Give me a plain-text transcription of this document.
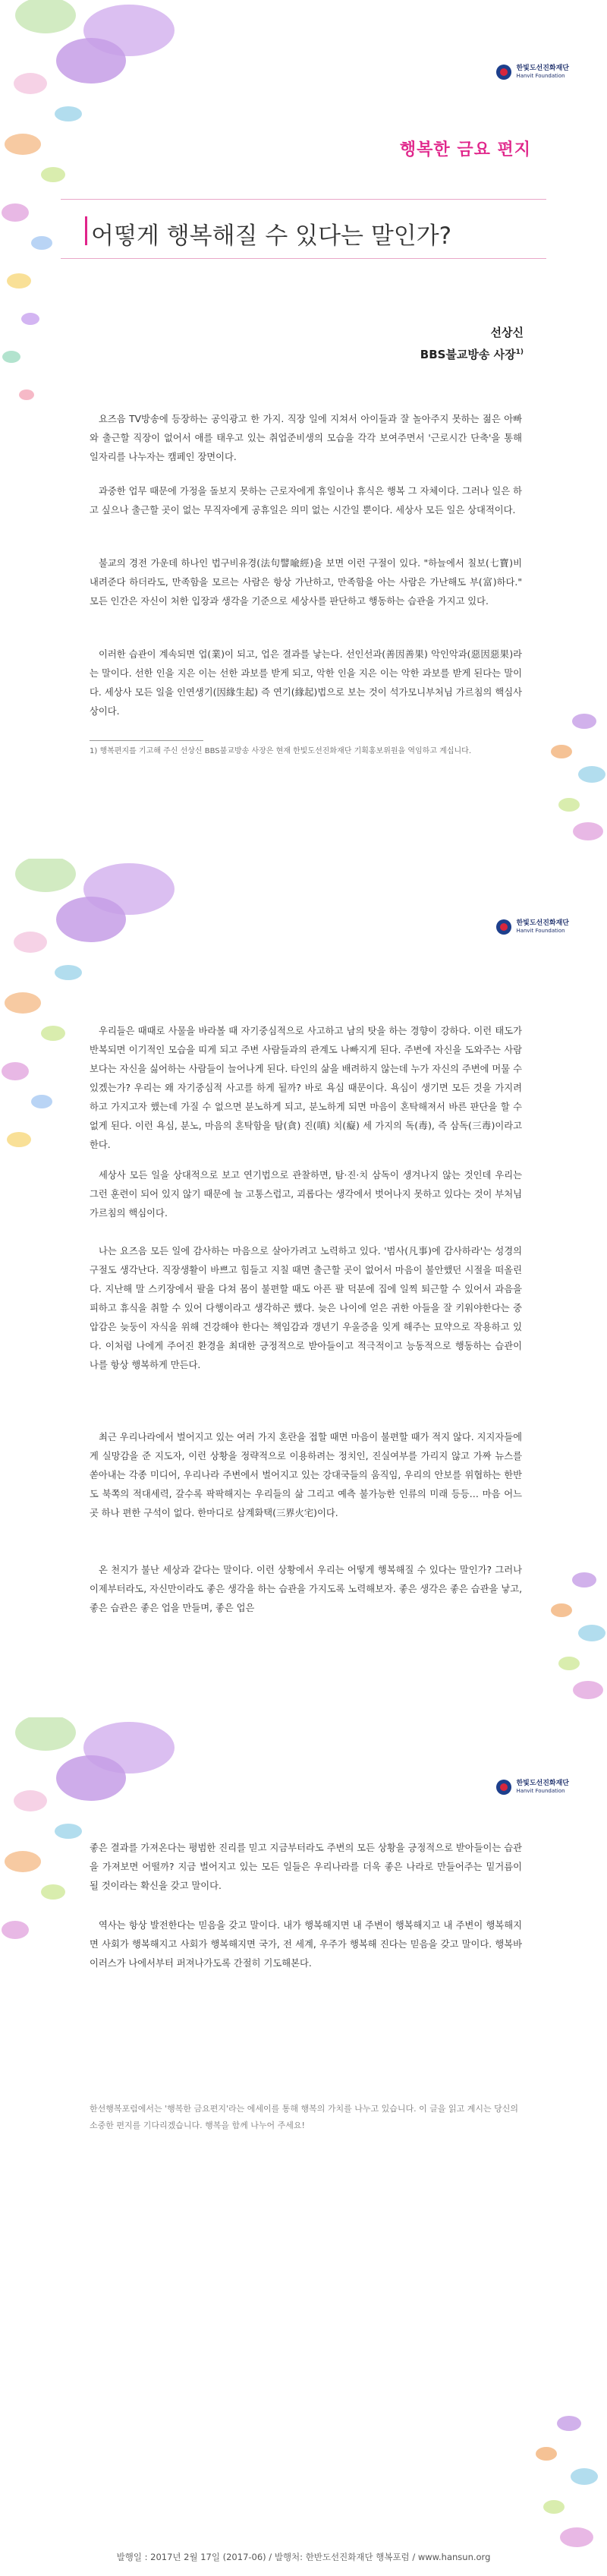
한빛도선진화재단
Hanvit Foundation
행복한 금요 편지
어떻게 행복해질 수 있다는 말인가?
선상신
BBS불교방송 사장$^{1)}$

요즈음 TV방송에 등장하는 공익광고 한 가지. 직장 일에 지쳐서 아이들과 잘 놀아주지 못하는 젊은 아빠와 출근할 직장이 없어서 애를 태우고 있는 취업준비생의 모습을 각각 보여주면서 '근로시간 단축'을 통해 일자리를 나누자는 캠페인 장면이다.

과중한 업무 때문에 가정을 돌보지 못하는 근로자에게 휴일이나 휴식은 행복 그 자체이다. 그러나 일은 하고 싶으나 출근할 곳이 없는 무직자에게 공휴일은 의미 없는 시간일 뿐이다. 세상사 모든 일은 상대적이다.

불교의 경전 가운데 하나인 법구비유경(法句譬喩經)을 보면 이런 구절이 있다. "하늘에서 칠보(七寶)비 내려준다 하더라도, 만족함을 모르는 사람은 항상 가난하고, 만족함을 아는 사람은 가난해도 부(富)하다." 모든 인간은 자신이 처한 입장과 생각을 기준으로 세상사를 판단하고 행동하는 습관을 가지고 있다.

이러한 습관이 계속되면 업(業)이 되고, 업은 결과를 낳는다. 선인선과(善因善果) 악인악과(惡因惡果)라는 말이다. 선한 인을 지은 이는 선한 과보를 받게 되고, 악한 인을 지은 이는 악한 과보를 받게 된다는 말이다. 세상사 모든 일을 인연생기(因緣生起) 즉 연기(緣起)법으로 보는 것이 석가모니부처님 가르침의 핵심사상이다.

1) 행복편지를 기고해 주신 선상신 BBS불교방송 사장은 현재 한빛도선진화재단 기획홍보위원을 역임하고 계십니다.

한빛도선진화재단
Hanvit Foundation

우리들은 때때로 사물을 바라볼 때 자기중심적으로 사고하고 남의 탓을 하는 경향이 강하다. 이런 태도가 반복되면 이기적인 모습을 띠게 되고 주변 사람들과의 관계도 나빠지게 된다. 주변에 자신을 도와주는 사람보다는 자신을 싫어하는 사람들이 늘어나게 된다. 타인의 삶을 배려하지 않는데 누가 자신의 주변에 머물 수 있겠는가? 우리는 왜 자기중심적 사고를 하게 될까? 바로 욕심 때문이다. 욕심이 생기면 모든 것을 가지려 하고 가지고자 했는데 가질 수 없으면 분노하게 되고, 분노하게 되면 마음이 혼탁해져서 바른 판단을 할 수 없게 된다. 이런 욕심, 분노, 마음의 혼탁함을 탐(貪) 진(嗔) 치(癡) 세 가지의 독(毒), 즉 삼독(三毒)이라고 한다.

세상사 모든 일을 상대적으로 보고 연기법으로 관찰하면, 탐·진·치 삼독이 생겨나지 않는 것인데 우리는 그런 훈련이 되어 있지 않기 때문에 늘 고통스럽고, 괴롭다는 생각에서 벗어나지 못하고 있다는 것이 부처님 가르침의 핵심이다.

나는 요즈음 모든 일에 감사하는 마음으로 살아가려고 노력하고 있다. '범사(凡事)에 감사하라'는 성경의 구절도 생각난다. 직장생활이 바쁘고 힘들고 지칠 때면 출근할 곳이 없어서 마음이 불안했던 시절을 떠올린다. 지난해 말 스키장에서 팔을 다쳐 몸이 불편할 때도 아픈 팔 덕분에 집에 일찍 퇴근할 수 있어서 과음을 피하고 휴식을 취할 수 있어 다행이라고 생각하곤 했다. 늦은 나이에 얻은 귀한 아들을 잘 키워야한다는 중압감은 늦둥이 자식을 위해 건강해야 한다는 책임감과 갱년기 우울증을 잊게 해주는 묘약으로 작용하고 있다. 이처럼 나에게 주어진 환경을 최대한 긍정적으로 받아들이고 적극적이고 능동적으로 행동하는 습관이 나를 항상 행복하게 만든다.

최근 우리나라에서 벌어지고 있는 여러 가지 혼란을 접할 때면 마음이 불편할 때가 적지 않다. 지지자들에게 실망감을 준 지도자, 이런 상황을 정략적으로 이용하려는 정치인, 진실여부를 가리지 않고 가짜 뉴스를 쏟아내는 각종 미디어, 우리나라 주변에서 벌어지고 있는 강대국들의 움직임, 우리의 안보를 위협하는 한반도 북쪽의 적대세력, 갈수록 팍팍해지는 우리들의 삶 그리고 예측 불가능한 인류의 미래 등등… 마음 어느 곳 하나 편한 구석이 없다. 한마디로 삼계화택(三界火宅)이다.

온 천지가 불난 세상과 같다는 말이다. 이런 상황에서 우리는 어떻게 행복해질 수 있다는 말인가? 그러나 이제부터라도, 자신만이라도 좋은 생각을 하는 습관을 가지도록 노력해보자. 좋은 생각은 좋은 습관을 낳고, 좋은 습관은 좋은 업을 만들며, 좋은 업은

한빛도선진화재단
Hanvit Foundation

좋은 결과를 가져온다는 평범한 진리를 믿고 지금부터라도 주변의 모든 상황을 긍정적으로 받아들이는 습관을 가져보면 어떨까? 지금 벌어지고 있는 모든 일들은 우리나라를 더욱 좋은 나라로 만들어주는 밑거름이 될 것이라는 확신을 갖고 말이다.

역사는 항상 발전한다는 믿음을 갖고 말이다. 내가 행복해지면 내 주변이 행복해지고 내 주변이 행복해지면 사회가 행복해지고 사회가 행복해지면 국가, 전 세계, 우주가 행복해 진다는 믿음을 갖고 말이다. 행복바이러스가 나에서부터 퍼져나가도록 간절히 기도해본다.

한선행복포럼에서는 '행복한 금요편지'라는 에세이를 통해 행복의 가치를 나누고 있습니다. 이 글을 읽고 계시는 당신의 소중한 편지를 기다리겠습니다. 행복을 함께 나누어 주세요!

발행일 : 2017년 2월 17일 (2017-06) / 발행처: 한반도선진화재단 행복포럼 / www.hansun.org
